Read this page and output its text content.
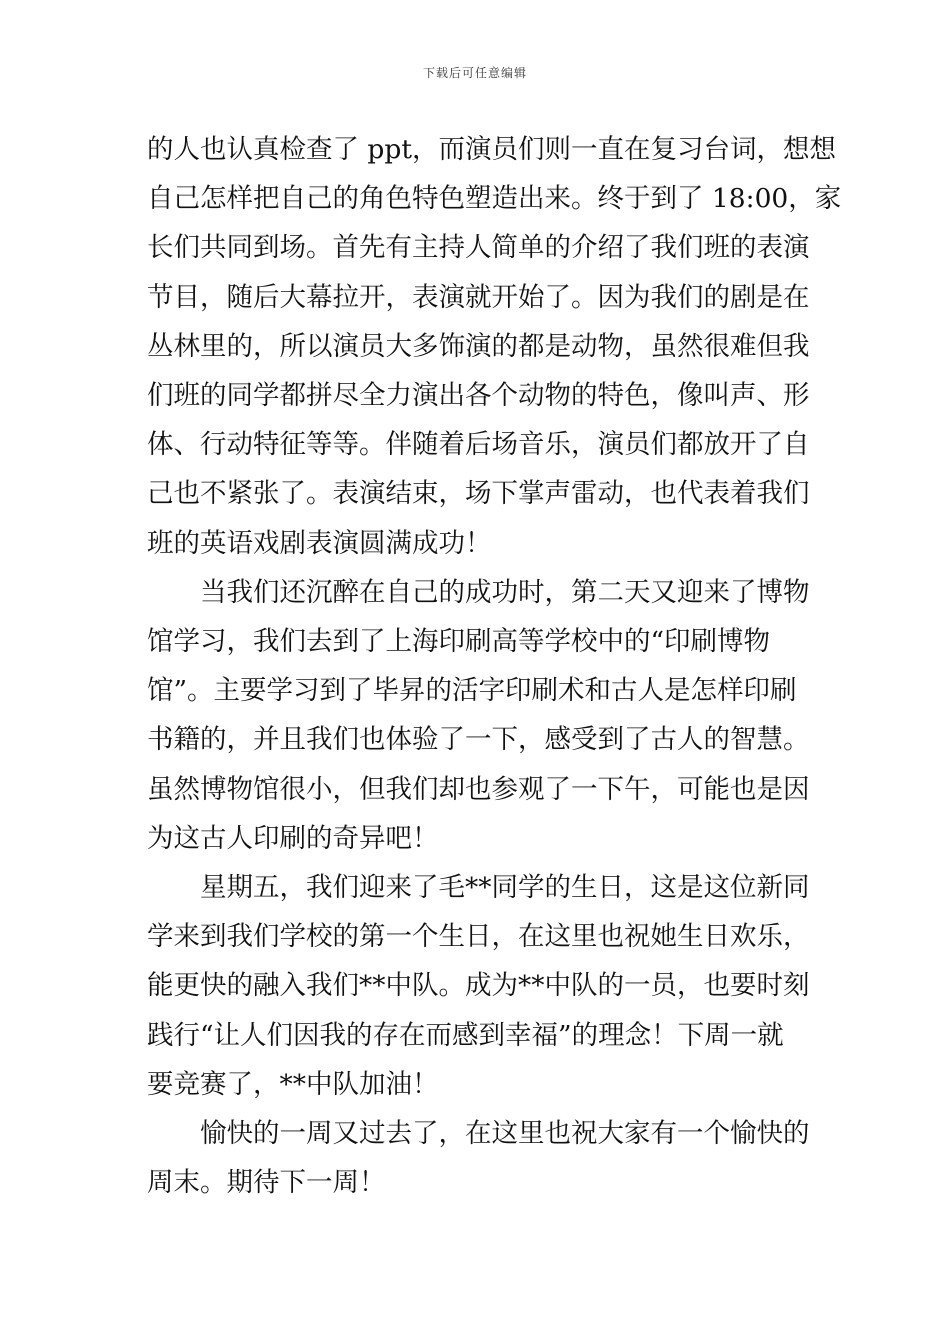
下载后可任意编辑

的人也认真检查了 ppt，而演员们则一直在复习台词，想想
自己怎样把自己的角色特色塑造出来。终于到了 18:00，家
长们共同到场。首先有主持人简单的介绍了我们班的表演
节目，随后大幕拉开，表演就开始了。因为我们的剧是在
丛林里的，所以演员大多饰演的都是动物，虽然很难但我
们班的同学都拼尽全力演出各个动物的特色，像叫声、形
体、行动特征等等。伴随着后场音乐，演员们都放开了自
己也不紧张了。表演结束，场下掌声雷动，也代表着我们
班的英语戏剧表演圆满成功！

当我们还沉醉在自己的成功时，第二天又迎来了博物
馆学习，我们去到了上海印刷高等学校中的“印刷博物
馆”。主要学习到了毕昇的活字印刷术和古人是怎样印刷
书籍的，并且我们也体验了一下，感受到了古人的智慧。
虽然博物馆很小，但我们却也参观了一下午，可能也是因
为这古人印刷的奇异吧！

星期五，我们迎来了毛**同学的生日，这是这位新同
学来到我们学校的第一个生日，在这里也祝她生日欢乐，
能更快的融入我们**中队。成为**中队的一员，也要时刻
践行“让人们因我的存在而感到幸福”的理念！下周一就
要竞赛了，**中队加油！

愉快的一周又过去了，在这里也祝大家有一个愉快的
周末。期待下一周！
